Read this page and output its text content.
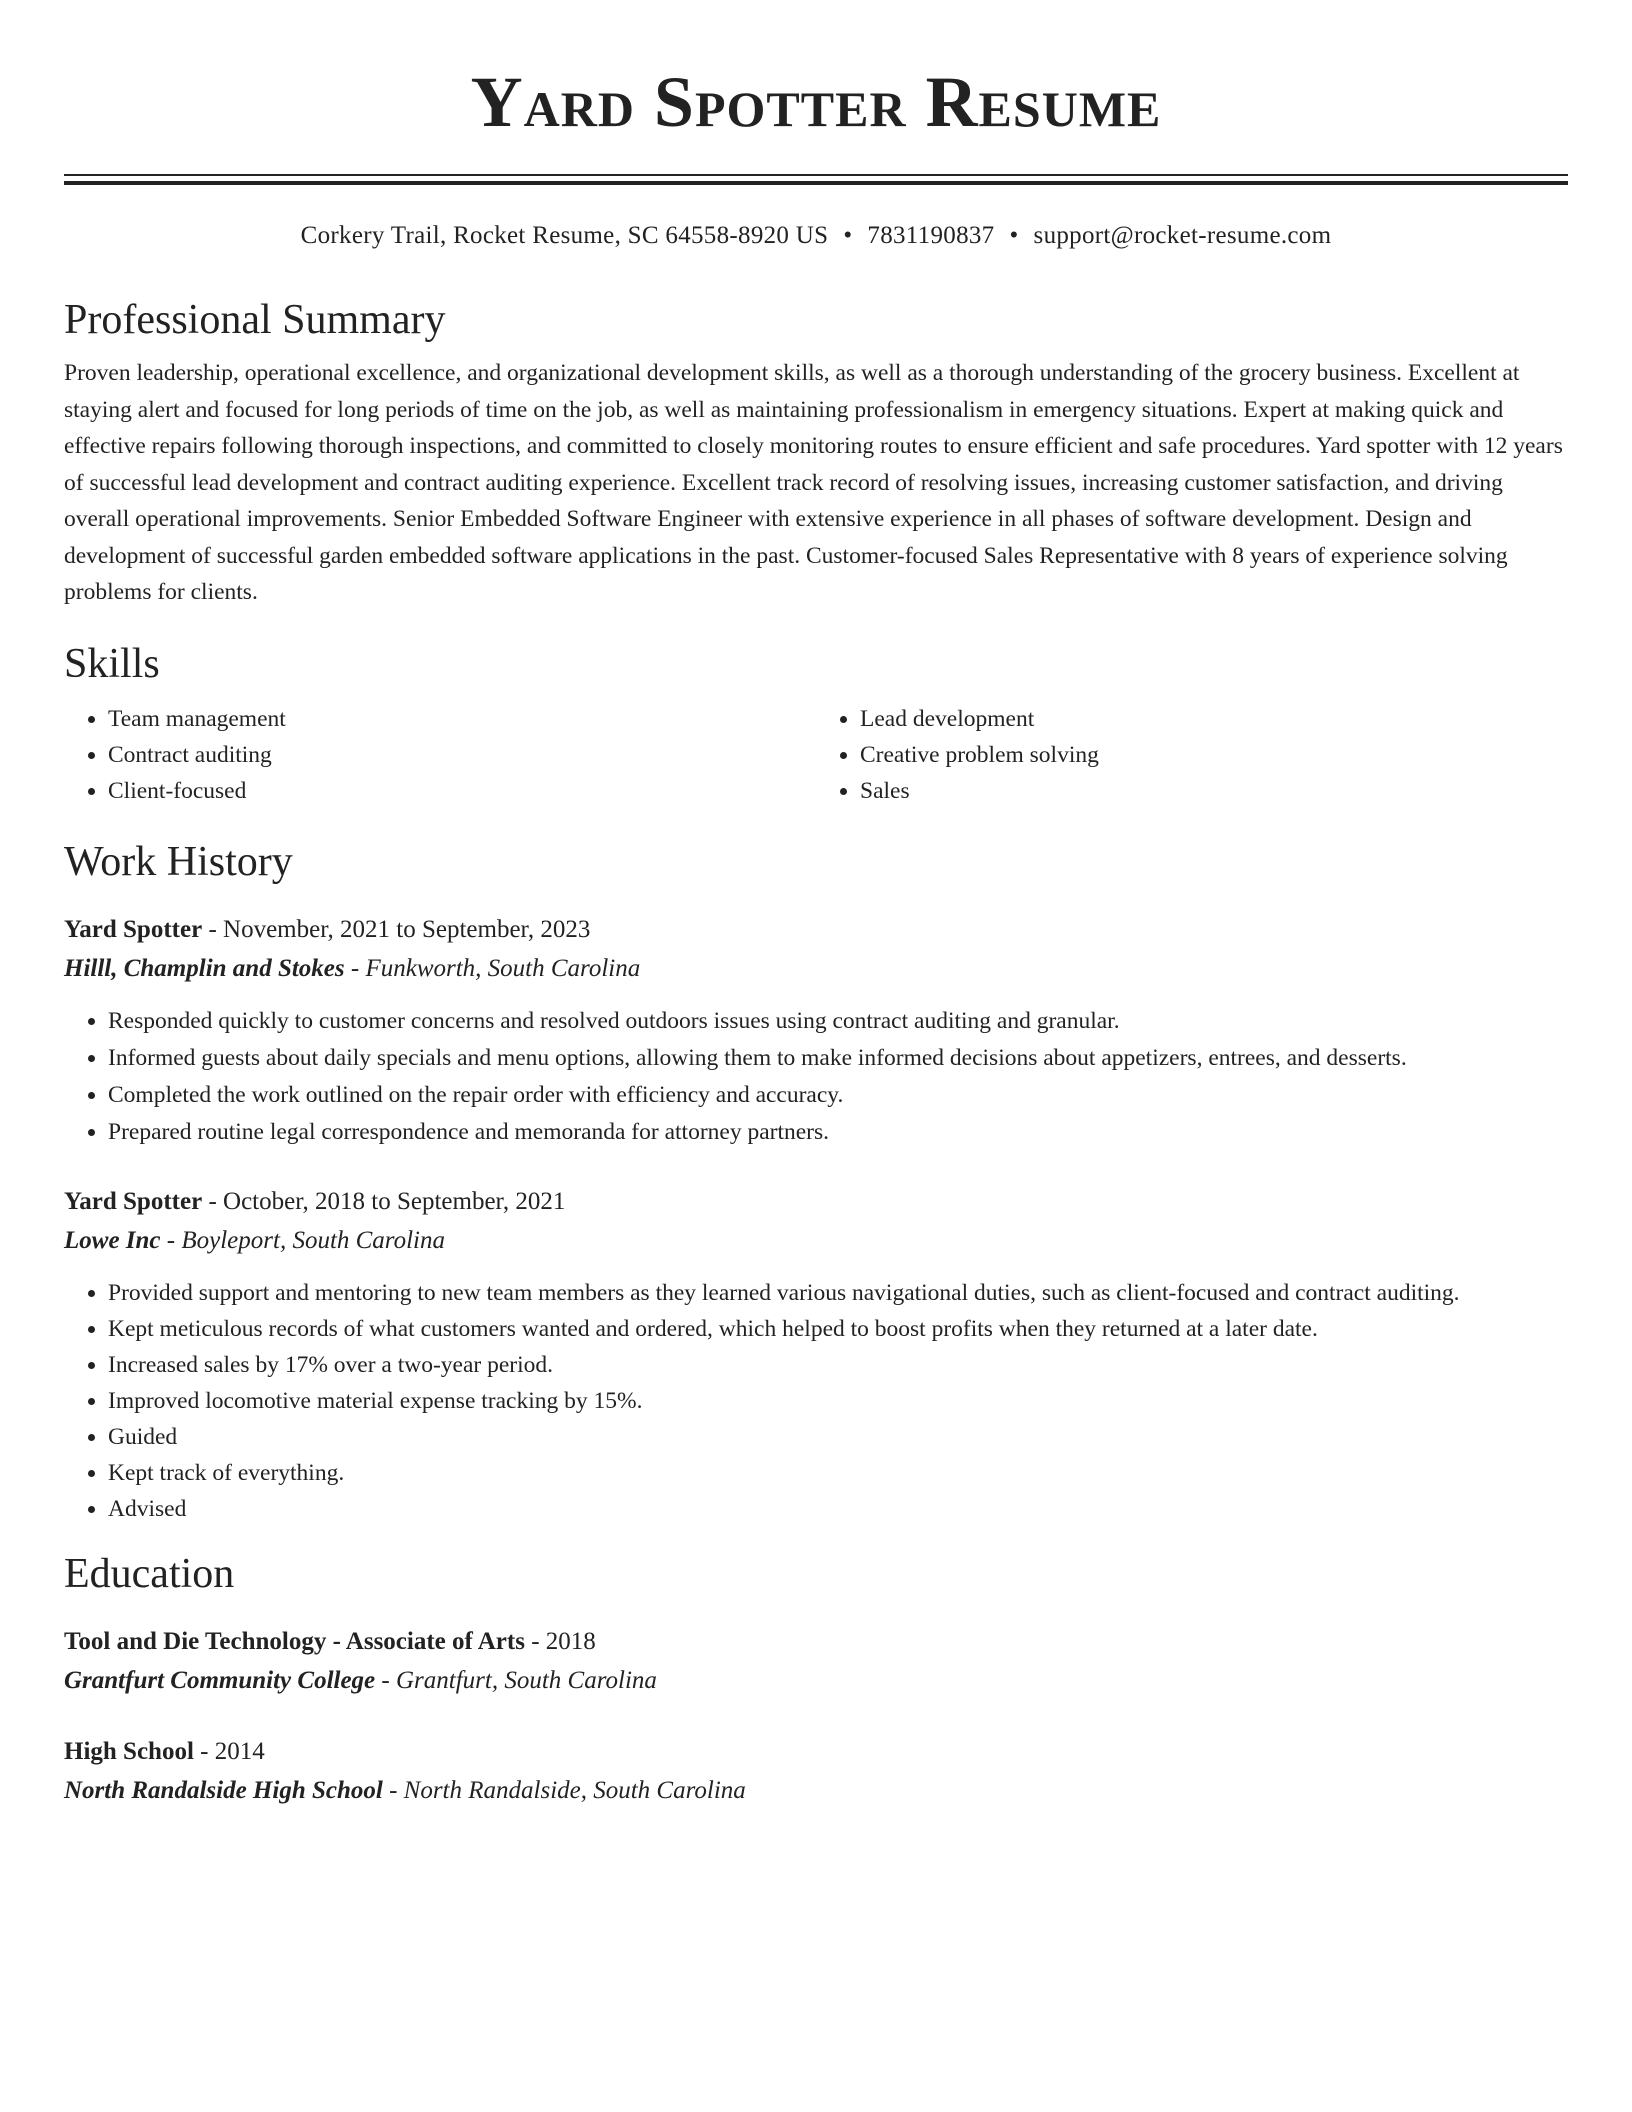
Yard Spotter Resume
Corkery Trail, Rocket Resume, SC 64558-8920 US • 7831190837 • support@rocket-resume.com
Professional Summary

Proven leadership, operational excellence, and organizational development skills, as well as a thorough understanding of the grocery business. Excellent at staying alert and focused for long periods of time on the job, as well as maintaining professionalism in emergency situations. Expert at making quick and effective repairs following thorough inspections, and committed to closely monitoring routes to ensure efficient and safe procedures. Yard spotter with 12 years of successful lead development and contract auditing experience. Excellent track record of resolving issues, increasing customer satisfaction, and driving overall operational improvements. Senior Embedded Software Engineer with extensive experience in all phases of software development. Design and development of successful garden embedded software applications in the past. Customer-focused Sales Representative with 8 years of experience solving problems for clients.

Skills
• Team management
• Contract auditing
• Client-focused
• Lead development
• Creative problem solving
• Sales
Work History
Yard Spotter - November, 2021 to September, 2023
Hilll, Champlin and Stokes - Funkworth, South Carolina
• Responded quickly to customer concerns and resolved outdoors issues using contract auditing and granular.
• Informed guests about daily specials and menu options, allowing them to make informed decisions about appetizers, entrees, and desserts.
• Completed the work outlined on the repair order with efficiency and accuracy.
• Prepared routine legal correspondence and memoranda for attorney partners.
Yard Spotter - October, 2018 to September, 2021
Lowe Inc - Boyleport, South Carolina
• Provided support and mentoring to new team members as they learned various navigational duties, such as client-focused and contract auditing.
• Kept meticulous records of what customers wanted and ordered, which helped to boost profits when they returned at a later date.
• Increased sales by 17% over a two-year period.
• Improved locomotive material expense tracking by 15%.
• Guided
• Kept track of everything.
• Advised
Education
Tool and Die Technology - Associate of Arts - 2018
Grantfurt Community College - Grantfurt, South Carolina
High School - 2014
North Randalside High School - North Randalside, South Carolina
